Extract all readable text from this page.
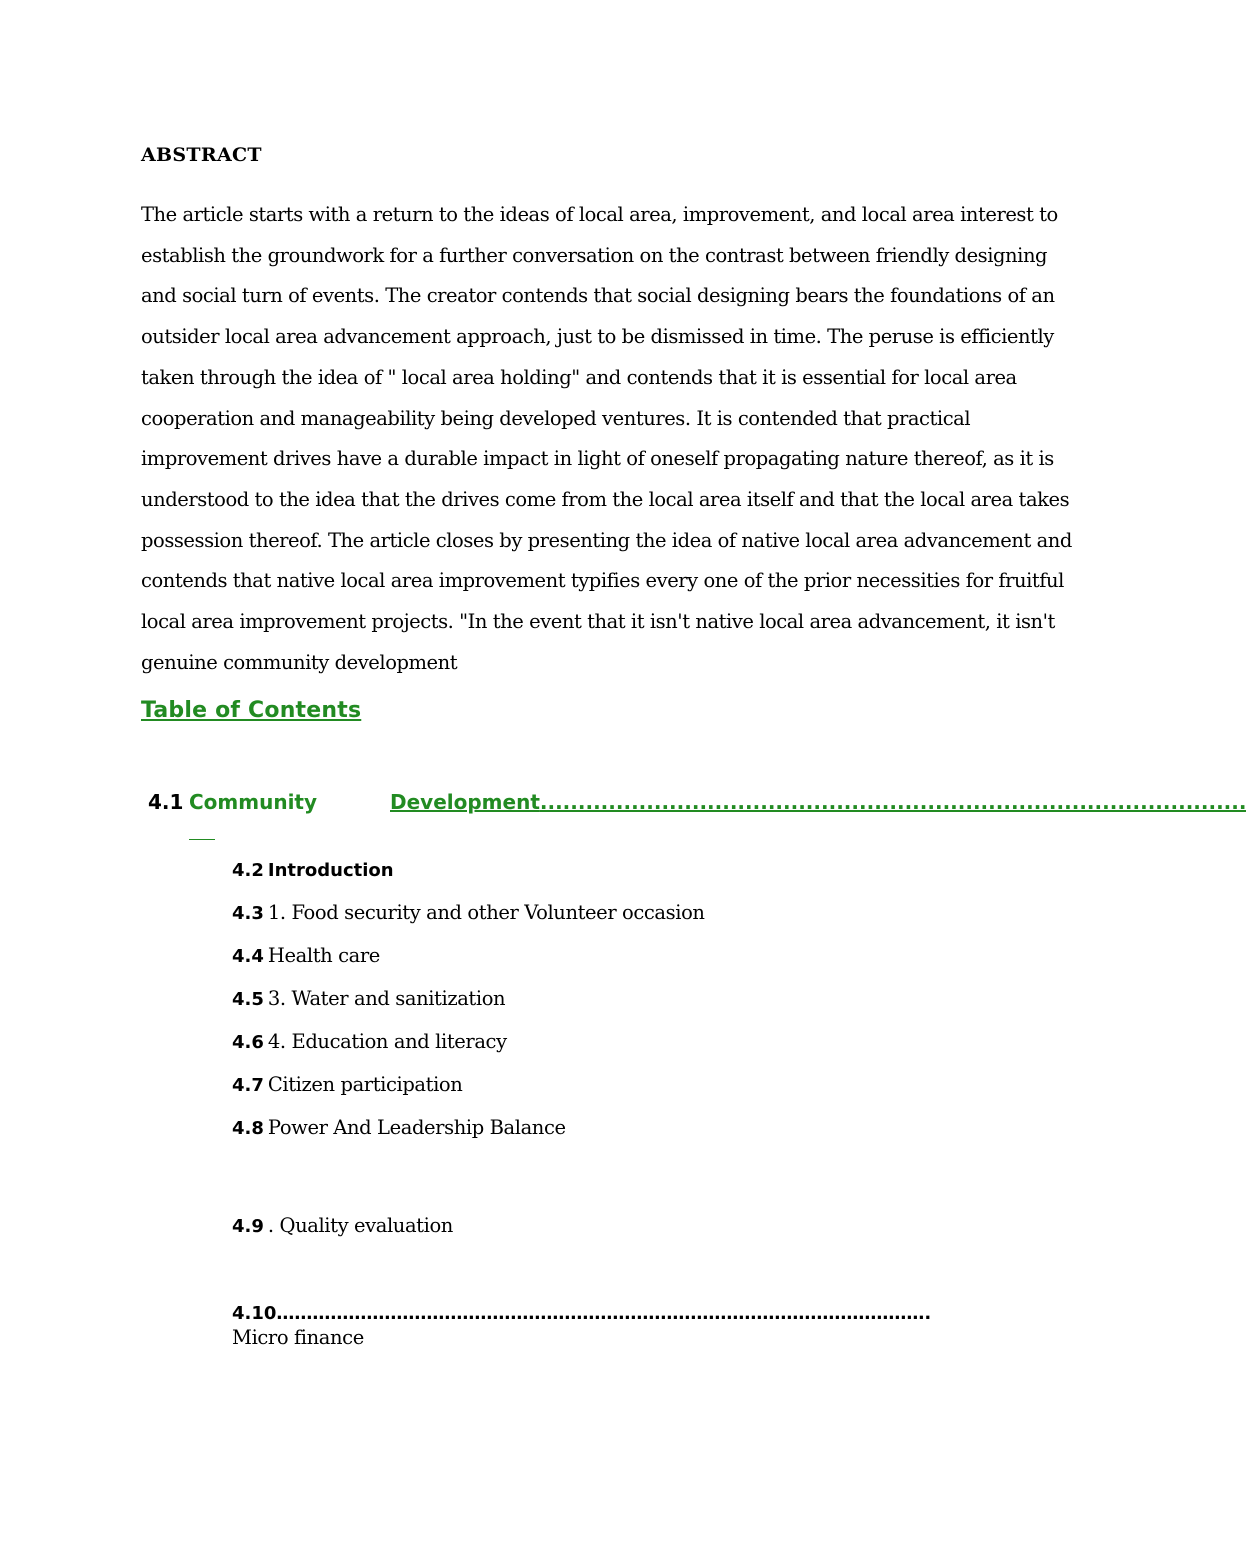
ABSTRACT
The article starts with a return to the ideas of local area, improvement, and local area interest to
establish the groundwork for a further conversation on the contrast between friendly designing
and social turn of events. The creator contends that social designing bears the foundations of an
outsider local area advancement approach, just to be dismissed in time. The peruse is efficiently
taken through the idea of " local area holding" and contends that it is essential for local area
cooperation and manageability being developed ventures. It is contended that practical
improvement drives have a durable impact in light of oneself propagating nature thereof, as it is
understood to the idea that the drives come from the local area itself and that the local area takes
possession thereof. The article closes by presenting the idea of native local area advancement and
contends that native local area improvement typifies every one of the prior necessities for fruitful
local area improvement projects. "In the event that it isn't native local area advancement, it isn't
genuine community development
Table of Contents
4.1 Community	Development.............................................................................................
4.2 Introduction
4.3 1. Food security and other Volunteer occasion
4.4 Health care
4.5 3. Water and sanitization
4.6 4. Education and literacy
4.7 Citizen participation
4.8 Power And Leadership Balance
4.9 . Quality evaluation
4.10……………………………………………………………………………………………….
Micro finance
